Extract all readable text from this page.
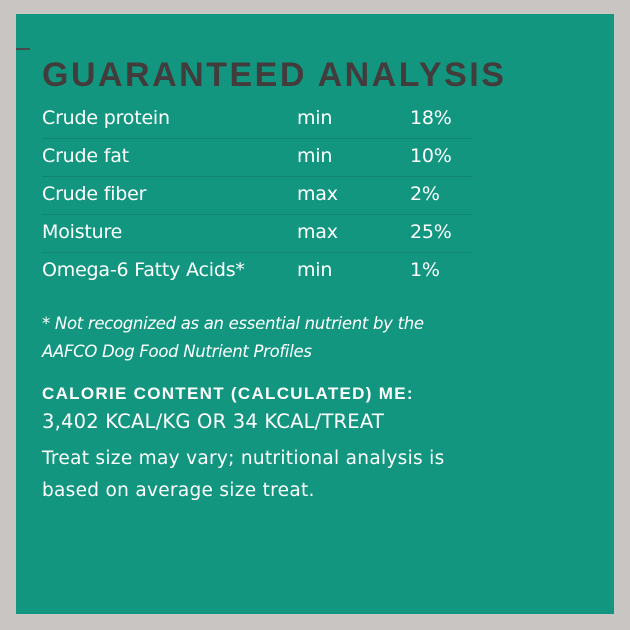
GUARANTEED ANALYSIS
Crude protein	min	18%
Crude fat	min	10%
Crude fiber	max	2%
Moisture	max	25%
Omega-6 Fatty Acids*	min	1%
* Not recognized as an essential nutrient by the
AAFCO Dog Food Nutrient Profiles
CALORIE CONTENT (CALCULATED) ME:
3,402 KCAL/KG OR 34 KCAL/TREAT
Treat size may vary; nutritional analysis is
based on average size treat.
